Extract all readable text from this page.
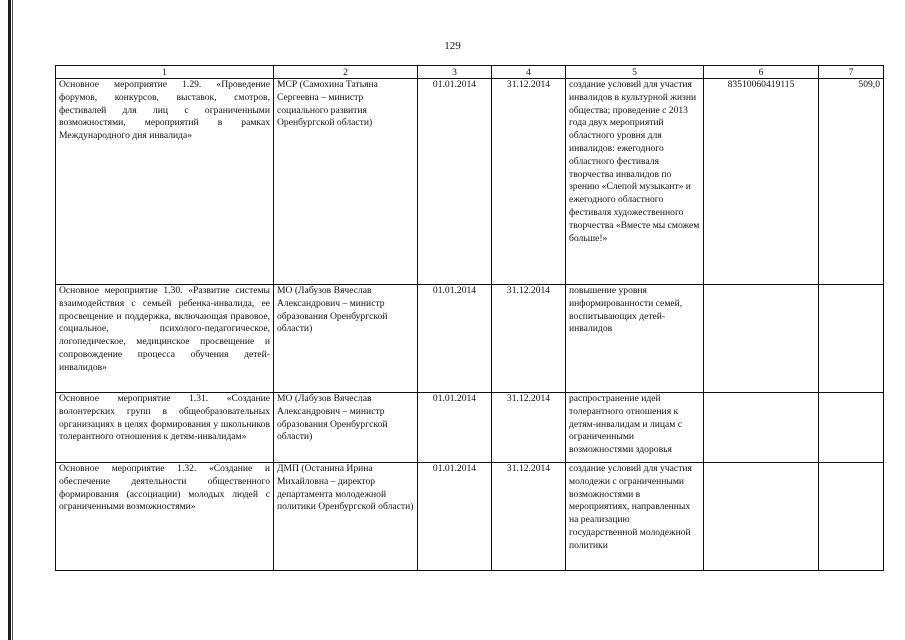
129
1	2	3	4	5	6	7
Основное мероприятие 1.29. «Проведение форумов, конкурсов, выставок, смотров, фестивалей для лиц с ограниченными возможностями, мероприятий в рамках Международного дня инвалида»	МСР (Самохина Татьяна Сергеевна – министр социального развития Оренбургской области)	01.01.2014	31.12.2014	создание условий для участия инвалидов в культурной жизни общества; проведение с 2013 года двух мероприятий областного уровня для инвалидов: ежегодного областного фестиваля творчества инвалидов по зрению «Слепой музыкант» и ежегодного областного фестиваля художественного творчества «Вместе мы сможем больше!»	83510060419115	509,0
Основное мероприятие 1.30. «Развитие системы взаимодействия с семьей ребенка-инвалида, ее просвещение и поддержка, включающая правовое, социальное, психолого-педагогическое, логопедическое, медицинское просвещение и сопровождение процесса обучения детей-инвалидов»	МО (Лабузов Вячеслав Александрович – министр образования Оренбургской области)	01.01.2014	31.12.2014	повышение уровня информированности семей, воспитывающих детей-инвалидов		
Основное мероприятие 1.31. «Создание волонтерских групп в общеобразовательных организациях в целях формирования у школьников толерантного отношения к детям-инвалидам»	МО (Лабузов Вячеслав Александрович – министр образования Оренбургской области)	01.01.2014	31.12.2014	распространение идей толерантного отношения к детям-инвалидам и лицам с ограниченными возможностями здоровья		
Основное мероприятие 1.32. «Создание и обеспечение деятельности общественного формирования (ассоциации) молодых людей с ограниченными возможностями»	ДМП (Останина Ирина Михайловна – директор департамента молодежной политики Оренбургской области)	01.01.2014	31.12.2014	создание условий для участия молодежи с ограниченными возможностями в мероприятиях, направленных на реализацию государственной молодежной политики		
